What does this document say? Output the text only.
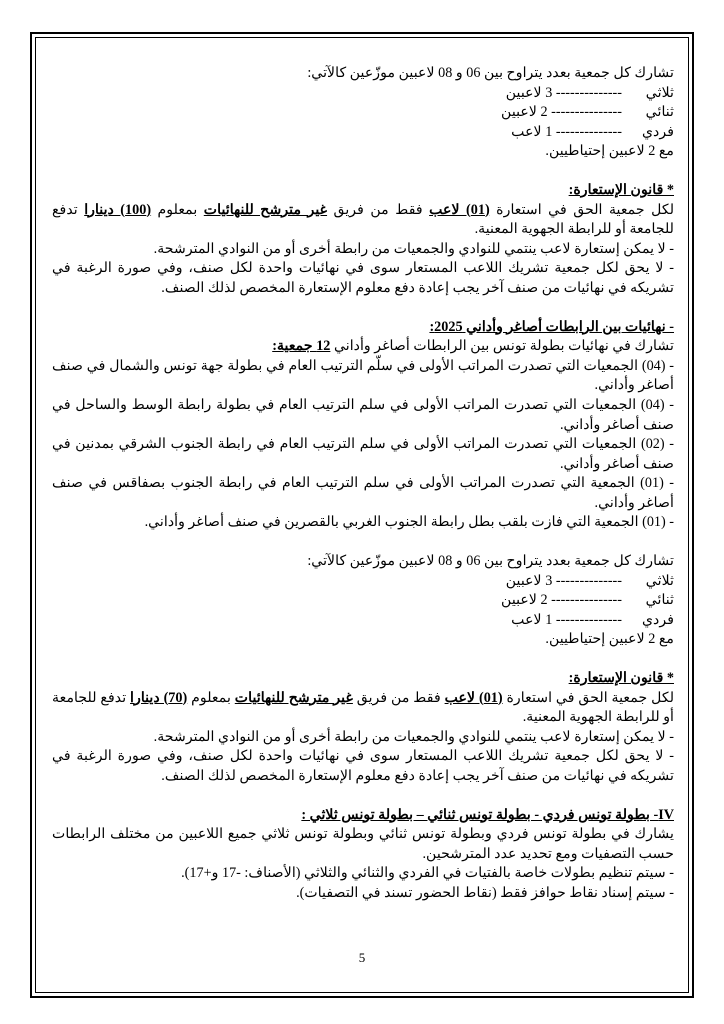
تشارك كل جمعية بعدد يتراوح بين 06 و 08 لاعبين موزّعين كالآتي:

ثلاثي-------------- 3 لاعبين
ثنائي--------------- 2 لاعبين
فردي-------------- 1 لاعب

مع 2 لاعبين إحتياطيين.

* قانون الإستعارة:

لكل جمعية الحق في استعارة (01) لاعب فقط من فريق غير مترشح للنهائيات بمعلوم (100) دينارا تدفع للجامعة أو للرابطة الجهوية المعنية.

- لا يمكن إستعارة لاعب ينتمي للنوادي والجمعيات من رابطة أخرى أو من النوادي المترشحة.

- لا يحق لكل جمعية تشريك اللاعب المستعار سوى في نهائيات واحدة لكل صنف، وفي صورة الرغبة في تشريكه في نهائيات من صنف آخر يجب إعادة دفع معلوم الإستعارة المخصص لذلك الصنف.

- نهائيات بين الرابطات أصاغر وأداني 2025:

تشارك في نهائيات بطولة تونس بين الرابطات أصاغر وأداني 12 جمعية:

- (04) الجمعيات التي تصدرت المراتب الأولى في سلّم الترتيب العام في بطولة جهة تونس والشمال في صنف أصاغر وأداني.

- (04) الجمعيات التي تصدرت المراتب الأولى في سلم الترتيب العام في بطولة رابطة الوسط والساحل في صنف أصاغر وأداني.

- (02) الجمعيات التي تصدرت المراتب الأولى في سلم الترتيب العام في رابطة الجنوب الشرقي بمدنين في صنف أصاغر وأداني.

- (01) الجمعية التي تصدرت المراتب الأولى في سلم الترتيب العام في رابطة الجنوب بصفاقس في صنف أصاغر وأداني.

- (01) الجمعية التي فازت بلقب بطل رابطة الجنوب الغربي بالقصرين في صنف أصاغر وأداني.

تشارك كل جمعية بعدد يتراوح بين 06 و 08 لاعبين موزّعين كالآتي:

ثلاثي-------------- 3 لاعبين
ثنائي--------------- 2 لاعبين
فردي-------------- 1 لاعب

مع 2 لاعبين إحتياطيين.

* قانون الإستعارة:

لكل جمعية الحق في استعارة (01) لاعب فقط من فريق غير مترشح للنهائيات بمعلوم (70) دينارا تدفع للجامعة أو للرابطة الجهوية المعنية.

- لا يمكن إستعارة لاعب ينتمي للنوادي والجمعيات من رابطة أخرى أو من النوادي المترشحة.

- لا يحق لكل جمعية تشريك اللاعب المستعار سوى في نهائيات واحدة لكل صنف، وفي صورة الرغبة في تشريكه في نهائيات من صنف آخر يجب إعادة دفع معلوم الإستعارة المخصص لذلك الصنف.

IV- بطولة تونس فردي - بطولة تونس ثنائي – بطولة تونس ثلاثي :

يشارك في بطولة تونس فردي وبطولة تونس ثنائي وبطولة تونس ثلاثي جميع اللاعبين من مختلف الرابطات حسب التصفيات ومع تحديد عدد المترشحين.

- سيتم تنظيم بطولات خاصة بالفتيات في الفردي والثنائي والثلاثي (الأصناف: -17 و+17).

- سيتم إسناد نقاط حوافز فقط (نقاط الحضور تسند في التصفيات).

5
